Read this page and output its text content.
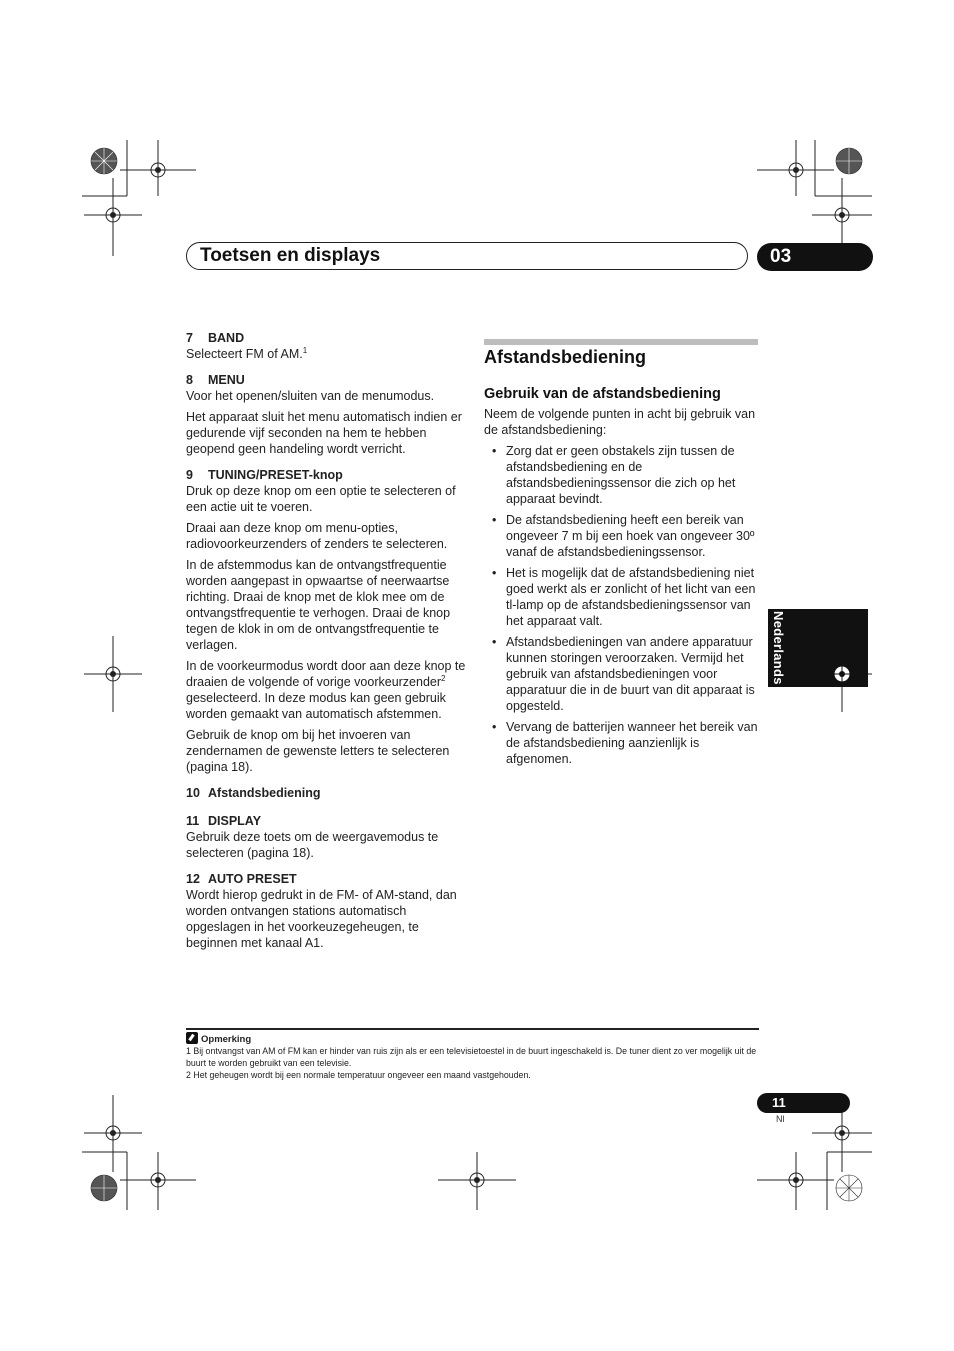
Toetsen en displays	03
7 BAND

Selecteert FM of AM.$^1$

8 MENU

Voor het openen/sluiten van de menumodus.

Het apparaat sluit het menu automatisch indien er gedurende vijf seconden na hem te hebben geopend geen handeling wordt verricht.

9 TUNING/PRESET-knop

Druk op deze knop om een optie te selecteren of een actie uit te voeren.

Draai aan deze knop om menu-opties, radiovoorkeurzenders of zenders te selecteren.

In de afstemmodus kan de ontvangstfrequentie worden aangepast in opwaartse of neerwaartse richting. Draai de knop met de klok mee om de ontvangstfrequentie te verhogen. Draai de knop tegen de klok in om de ontvangstfrequentie te verlagen.

In de voorkeurmodus wordt door aan deze knop te draaien de volgende of vorige voorkeurzender$^2$ geselecteerd. In deze modus kan geen gebruik worden gemaakt van automatisch afstemmen.

Gebruik de knop om bij het invoeren van zendernamen de gewenste letters te selecteren (pagina 18).

10 Afstandsbediening
11 DISPLAY

Gebruik deze toets om de weergavemodus te selecteren (pagina 18).

12 AUTO PRESET

Wordt hierop gedrukt in de FM- of AM-stand, dan worden ontvangen stations automatisch opgeslagen in het voorkeuzegeheugen, te beginnen met kanaal A1.

Afstandsbediening
Gebruik van de afstandsbediening

Neem de volgende punten in acht bij gebruik van de afstandsbediening:

• Zorg dat er geen obstakels zijn tussen de afstandsbediening en de afstandsbedieningssensor die zich op het apparaat bevindt.
• De afstandsbediening heeft een bereik van ongeveer 7 m bij een hoek van ongeveer 30º vanaf de afstandsbedieningssensor.
• Het is mogelijk dat de afstandsbediening niet goed werkt als er zonlicht of het licht van een tl-lamp op de afstandsbedieningssensor van het apparaat valt.
• Afstandsbedieningen van andere apparatuur kunnen storingen veroorzaken. Vermijd het gebruik van afstandsbedieningen voor apparatuur die in de buurt van dit apparaat is opgesteld.
• Vervang de batterijen wanneer het bereik van de afstandsbediening aanzienlijk is afgenomen.
Nederlands
Opmerking

1 Bij ontvangst van AM of FM kan er hinder van ruis zijn als er een televisietoestel in de buurt ingeschakeld is. De tuner dient zo ver mogelijk uit de buurt te worden gebruikt van een televisie.

2 Het geheugen wordt bij een normale temperatuur ongeveer een maand vastgehouden.

11
Nl
